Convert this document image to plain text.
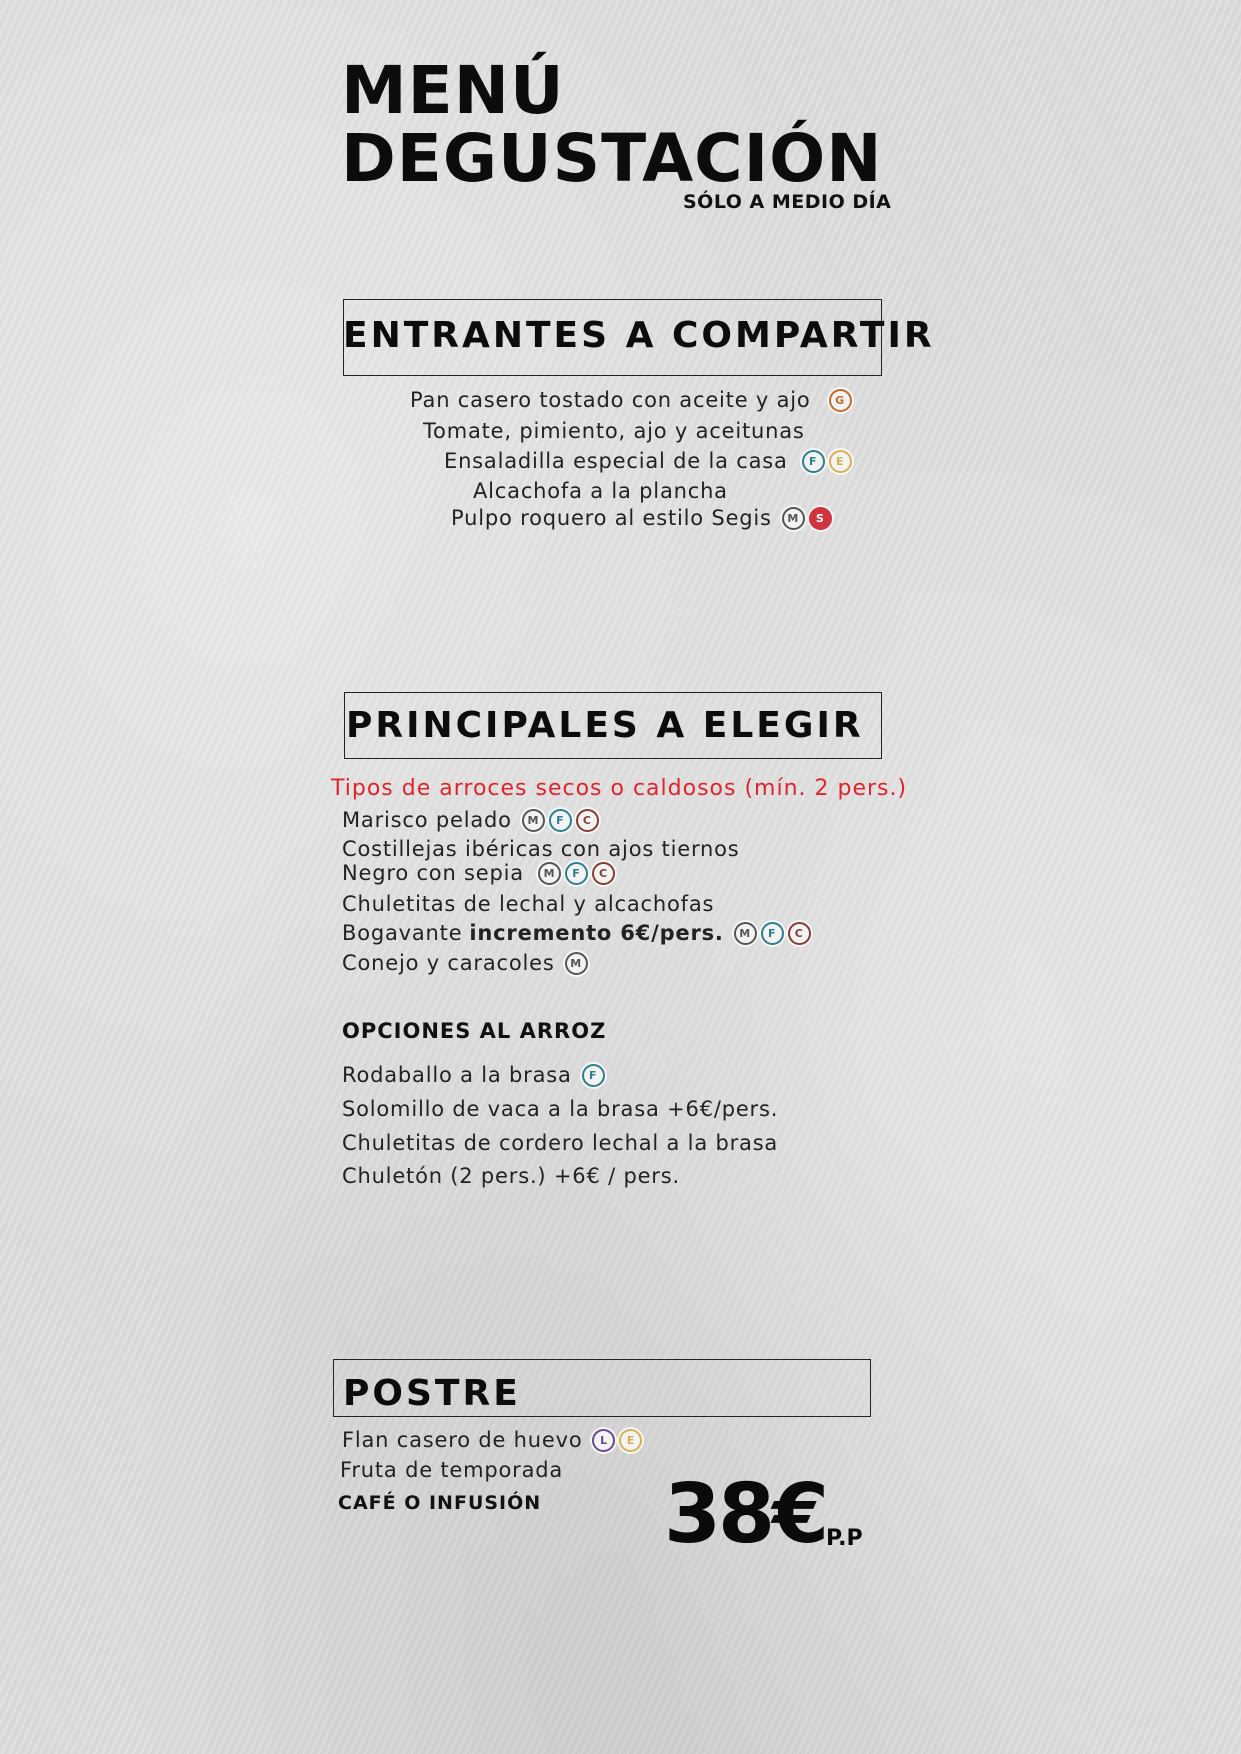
MENÚ
DEGUSTACIÓN
SÓLO A MEDIO DÍA
ENTRANTES A COMPARTIR
Pan casero tostado con aceite y ajo G
Tomate, pimiento, ajo y aceitunas
Ensaladilla especial de la casa F E
Alcachofa a la plancha
Pulpo roquero al estilo Segis M S
PRINCIPALES A ELEGIR
Tipos de arroces secos o caldosos (mín. 2 pers.)
Marisco pelado M F C
Costillejas ibéricas con ajos tiernos
Negro con sepia M F C
Chuletitas de lechal y alcachofas
Bogavante incremento 6€/pers. M F C
Conejo y caracoles M
OPCIONES AL ARROZ
Rodaballo a la brasa F
Solomillo de vaca a la brasa +6€/pers.
Chuletitas de cordero lechal a la brasa
Chuletón (2 pers.) +6€ / pers.
POSTRE
Flan casero de huevo L E
Fruta de temporada
CAFÉ O INFUSIÓN 38€ P.P
